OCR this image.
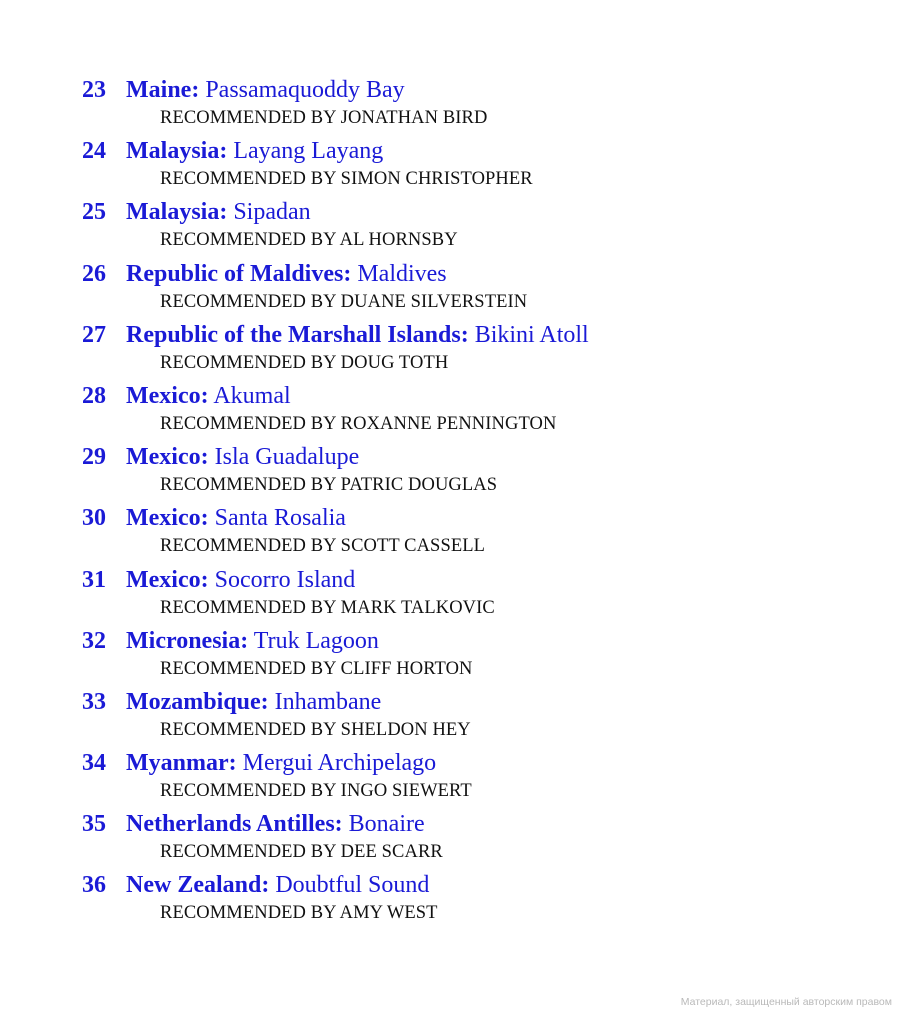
23 Maine: Passamaquoddy Bay
RECOMMENDED BY JONATHAN BIRD
24 Malaysia: Layang Layang
RECOMMENDED BY SIMON CHRISTOPHER
25 Malaysia: Sipadan
RECOMMENDED BY AL HORNSBY
26 Republic of Maldives: Maldives
RECOMMENDED BY DUANE SILVERSTEIN
27 Republic of the Marshall Islands: Bikini Atoll
RECOMMENDED BY DOUG TOTH
28 Mexico: Akumal
RECOMMENDED BY ROXANNE PENNINGTON
29 Mexico: Isla Guadalupe
RECOMMENDED BY PATRIC DOUGLAS
30 Mexico: Santa Rosalia
RECOMMENDED BY SCOTT CASSELL
31 Mexico: Socorro Island
RECOMMENDED BY MARK TALKOVIC
32 Micronesia: Truk Lagoon
RECOMMENDED BY CLIFF HORTON
33 Mozambique: Inhambane
RECOMMENDED BY SHELDON HEY
34 Myanmar: Mergui Archipelago
RECOMMENDED BY INGO SIEWERT
35 Netherlands Antilles: Bonaire
RECOMMENDED BY DEE SCARR
36 New Zealand: Doubtful Sound
RECOMMENDED BY AMY WEST
Материал, защищенный авторским правом
